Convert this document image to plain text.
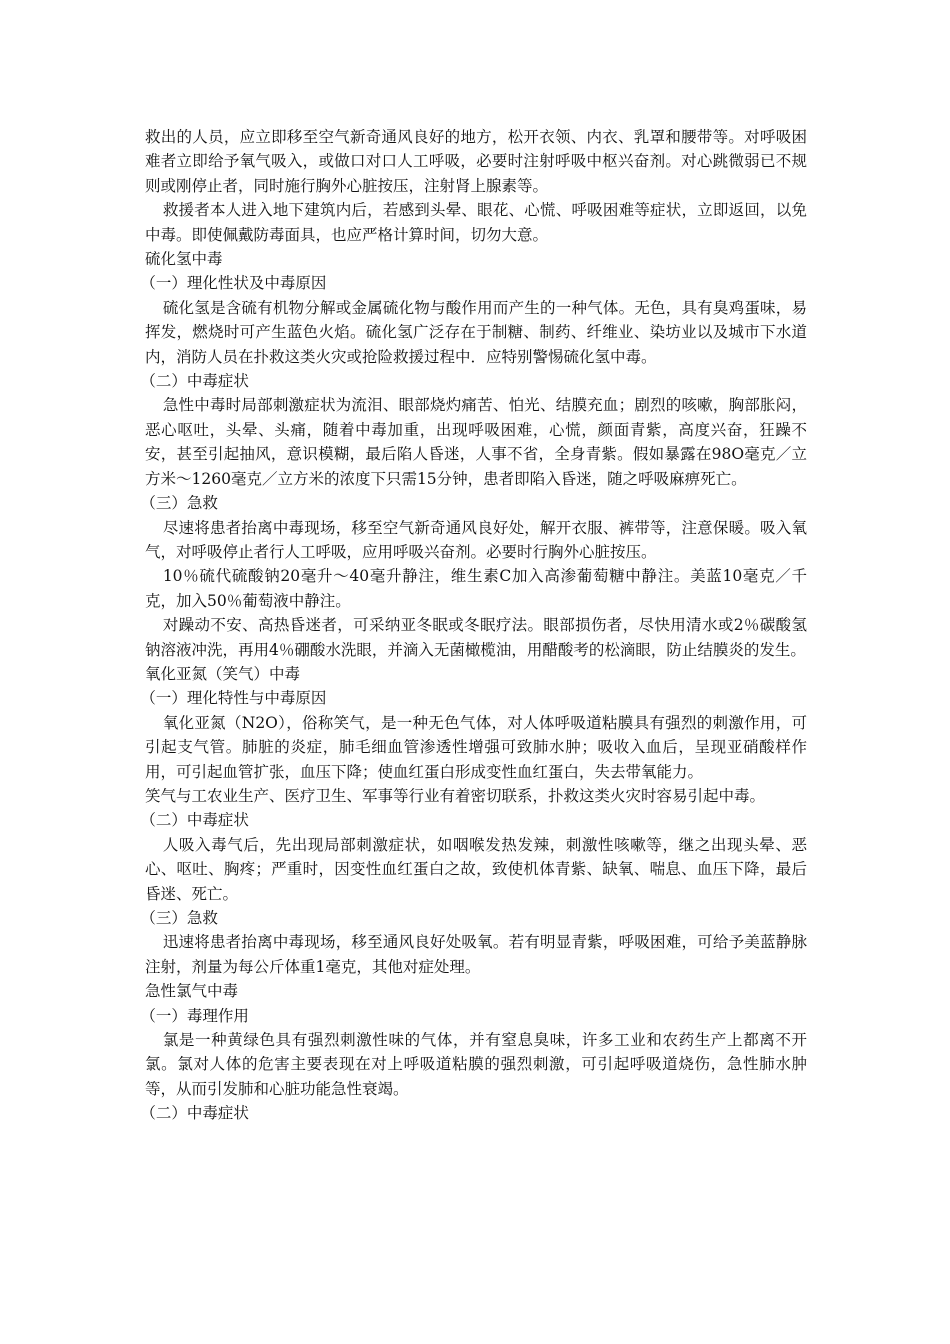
救出的人员，应立即移至空气新奇通风良好的地方，松开衣领、内衣、乳罩和腰带等。对呼吸困难者立即给予氧气吸入，或做口对口人工呼吸，必要时注射呼吸中枢兴奋剂。对心跳微弱已不规则或刚停止者，同时施行胸外心脏按压，注射肾上腺素等。

救援者本人进入地下建筑内后，若感到头晕、眼花、心慌、呼吸困难等症状，立即返回，以免中毒。即使佩戴防毒面具，也应严格计算时间，切勿大意。

硫化氢中毒
（一）理化性状及中毒原因

硫化氢是含硫有机物分解或金属硫化物与酸作用而产生的一种气体。无色，具有臭鸡蛋味，易挥发，燃烧时可产生蓝色火焰。硫化氢广泛存在于制糖、制药、纤维业、染坊业以及城市下水道内，消防人员在扑救这类火灾或抢险救援过程中．应特别警惕硫化氢中毒。

（二）中毒症状

急性中毒时局部刺激症状为流泪、眼部烧灼痛苦、怕光、结膜充血；剧烈的咳嗽，胸部胀闷，恶心呕吐，头晕、头痛，随着中毒加重，出现呼吸困难，心慌，颜面青紫，高度兴奋，狂躁不安，甚至引起抽风，意识模糊，最后陷人昏迷，人事不省，全身青紫。假如暴露在98O毫克／立方米～1260毫克／立方米的浓度下只需15分钟，患者即陷入昏迷，随之呼吸麻痹死亡。

（三）急救

尽速将患者抬离中毒现场，移至空气新奇通风良好处，解开衣服、裤带等，注意保暖。吸入氧气，对呼吸停止者行人工呼吸，应用呼吸兴奋剂。必要时行胸外心脏按压。

10％硫代硫酸钠20毫升～40毫升静注，维生素C加入高渗葡萄糖中静注。美蓝10毫克／千克，加入50％葡萄液中静注。

对躁动不安、高热昏迷者，可采纳亚冬眠或冬眠疗法。眼部损伤者，尽快用清水或2％碳酸氢钠溶液冲洗，再用4％硼酸水洗眼，并滴入无菌橄榄油，用醋酸考的松滴眼，防止结膜炎的发生。

氧化亚氮（笑气）中毒
（一）理化特性与中毒原因

氧化亚氮（N2O），俗称笑气，是一种无色气体，对人体呼吸道粘膜具有强烈的刺激作用，可引起支气管。肺脏的炎症，肺毛细血管渗透性增强可致肺水肿；吸收入血后，呈现亚硝酸样作用，可引起血管扩张，血压下降；使血红蛋白形成变性血红蛋白，失去带氧能力。

笑气与工农业生产、医疗卫生、军事等行业有着密切联系，扑救这类火灾时容易引起中毒。

（二）中毒症状

人吸入毒气后，先出现局部刺激症状，如咽喉发热发辣，刺激性咳嗽等，继之出现头晕、恶心、呕吐、胸疼；严重时，因变性血红蛋白之故，致使机体青紫、缺氧、喘息、血压下降，最后昏迷、死亡。

（三）急救

迅速将患者抬离中毒现场，移至通风良好处吸氧。若有明显青紫，呼吸困难，可给予美蓝静脉注射，剂量为每公斤体重1毫克，其他对症处理。

急性氯气中毒
（一）毒理作用

氯是一种黄绿色具有强烈刺激性味的气体，并有窒息臭味，许多工业和农药生产上都离不开氯。氯对人体的危害主要表现在对上呼吸道粘膜的强烈刺激，可引起呼吸道烧伤，急性肺水肿等，从而引发肺和心脏功能急性衰竭。

（二）中毒症状
